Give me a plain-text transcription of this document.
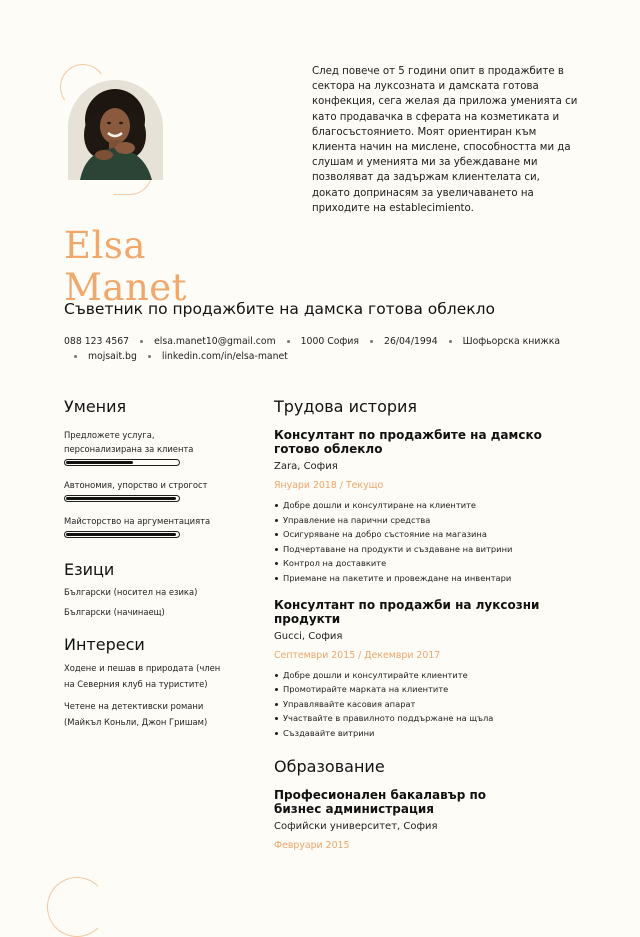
След повече от 5 години опит в продажбите в сектора на луксозната и дамската готова конфекция, сега желая да приложа уменията си като продавачка в сферата на козметиката и благосъстоянието. Моят ориентиран към клиента начин на мислене, способността ми да слушам и уменията ми за убеждаване ми позволяват да задържам клиентелата си, докато допринасям за увеличаването на приходите на establecimiento.
Elsa
Manet
Съветник по продажбите на дамска готова облекло
088 123 4567	elsa.manet10@gmail.com	1000 София	26/04/1994	Шофьорска книжка
mojsait.bg	linkedin.com/in/elsa-manet
Умения
Предложете услуга, персонализирана за клиента
Автономия, упорство и строгост
Майсторство на аргументацията
Езици
Български (носител на езика)
Български (начинаещ)
Интереси
Ходене и пешав в природата (член на Северния клуб на туристите)
Четене на детективски романи (Майкъл Коньли, Джон Гришам)
Трудова история
Консултант по продажбите на дамско готово облекло
Zara, София
Януари 2018 / Текущо
Добре дошли и консултиране на клиентите
Управление на парични средства
Осигуряване на добро състояние на магазина
Подчертаване на продукти и създаване на витрини
Контрол на доставките
Приемане на пакетите и провеждане на инвентари
Консултант по продажби на луксозни продукти
Gucci, София
Септември 2015 / Декември 2017
Добре дошли и консултирайте клиентите
Промотирайте марката на клиентите
Управлявайте касовия апарат
Участвайте в правилното поддържане на щъла
Създавайте витрини
Образование
Професионален бакалавър по бизнес администрация
Софийски университет, София
Февруари 2015
